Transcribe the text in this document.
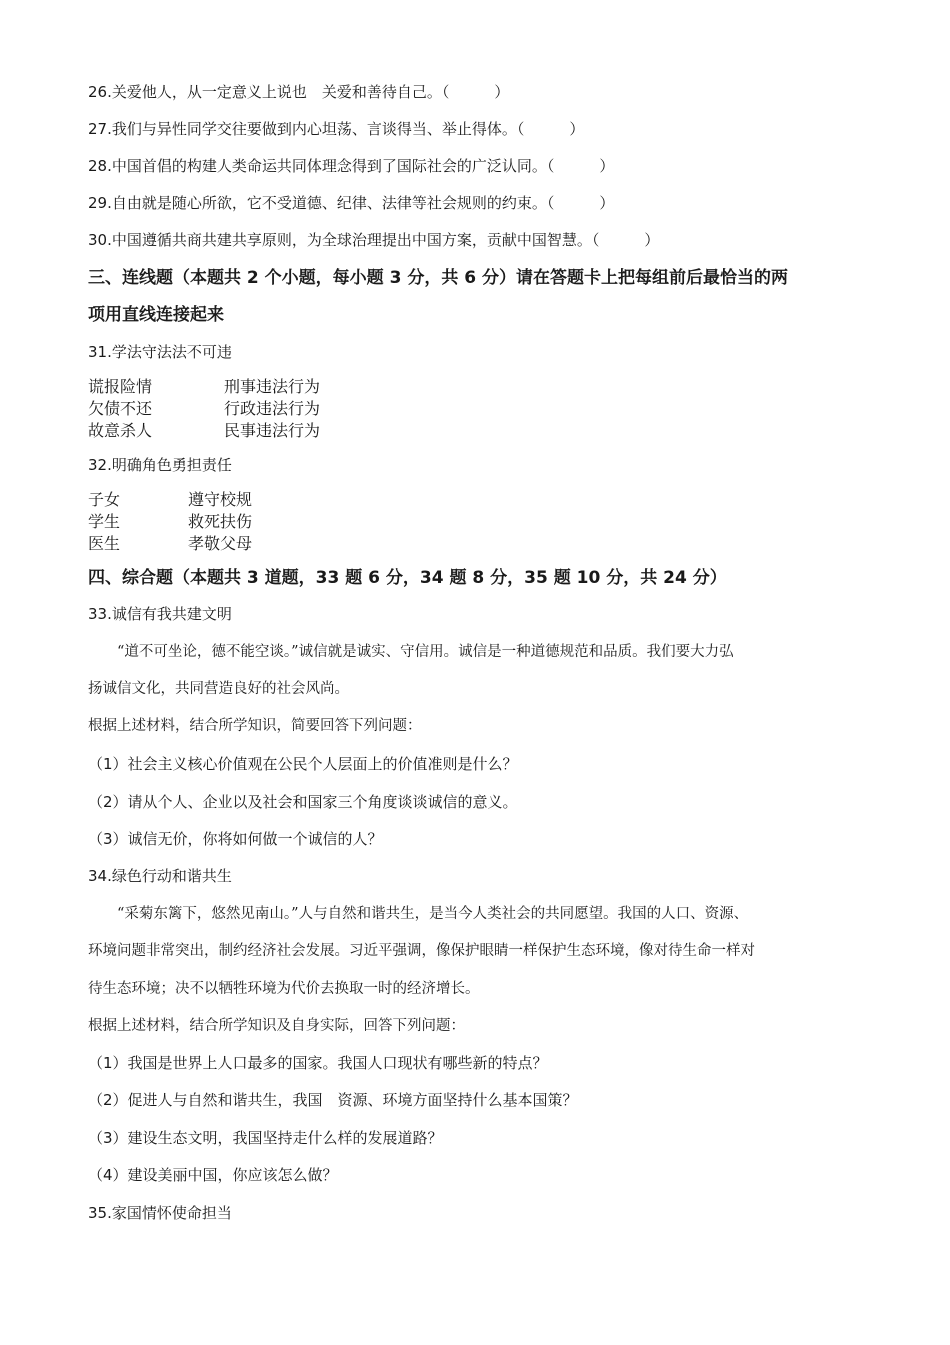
26.关爱他人，从一定意义上说也　关爱和善待自己。（　　　）
27.我们与异性同学交往要做到内心坦荡、言谈得当、举止得体。（　　　）
28.中国首倡的构建人类命运共同体理念得到了国际社会的广泛认同。（　　　）
29.自由就是随心所欲，它不受道德、纪律、法律等社会规则的约束。（　　　）
30.中国遵循共商共建共享原则，为全球治理提出中国方案，贡献中国智慧。（　　　）
三、连线题（本题共 2 个小题，每小题 3 分，共 6 分）请在答题卡上把每组前后最恰当的两
项用直线连接起来
31.学法守法法不可违
谎报险情
欠债不还
故意杀人
刑事违法行为
行政违法行为
民事违法行为
32.明确角色勇担责任
子女
学生
医生
遵守校规
救死扶伤
孝敬父母
四、综合题（本题共 3 道题，33 题 6 分，34 题 8 分，35 题 10 分，共 24 分）
33.诚信有我共建文明
　　“道不可坐论，德不能空谈。”诚信就是诚实、守信用。诚信是一种道德规范和品质。我们要大力弘
扬诚信文化，共同营造良好的社会风尚。
根据上述材料，结合所学知识，简要回答下列问题：
（1）社会主义核心价值观在公民个人层面上的价值准则是什么？
（2）请从个人、企业以及社会和国家三个角度谈谈诚信的意义。
（3）诚信无价，你将如何做一个诚信的人？
34.绿色行动和谐共生
　　“采菊东篱下，悠然见南山。”人与自然和谐共生，是当今人类社会的共同愿望。我国的人口、资源、
环境问题非常突出，制约经济社会发展。习近平强调，像保护眼睛一样保护生态环境，像对待生命一样对
待生态环境；决不以牺牲环境为代价去换取一时的经济增长。
根据上述材料，结合所学知识及自身实际，回答下列问题：
（1）我国是世界上人口最多的国家。我国人口现状有哪些新的特点？
（2）促进人与自然和谐共生，我国　资源、环境方面坚持什么基本国策？
（3）建设生态文明，我国坚持走什么样的发展道路？
（4）建设美丽中国，你应该怎么做？
35.家国情怀使命担当
